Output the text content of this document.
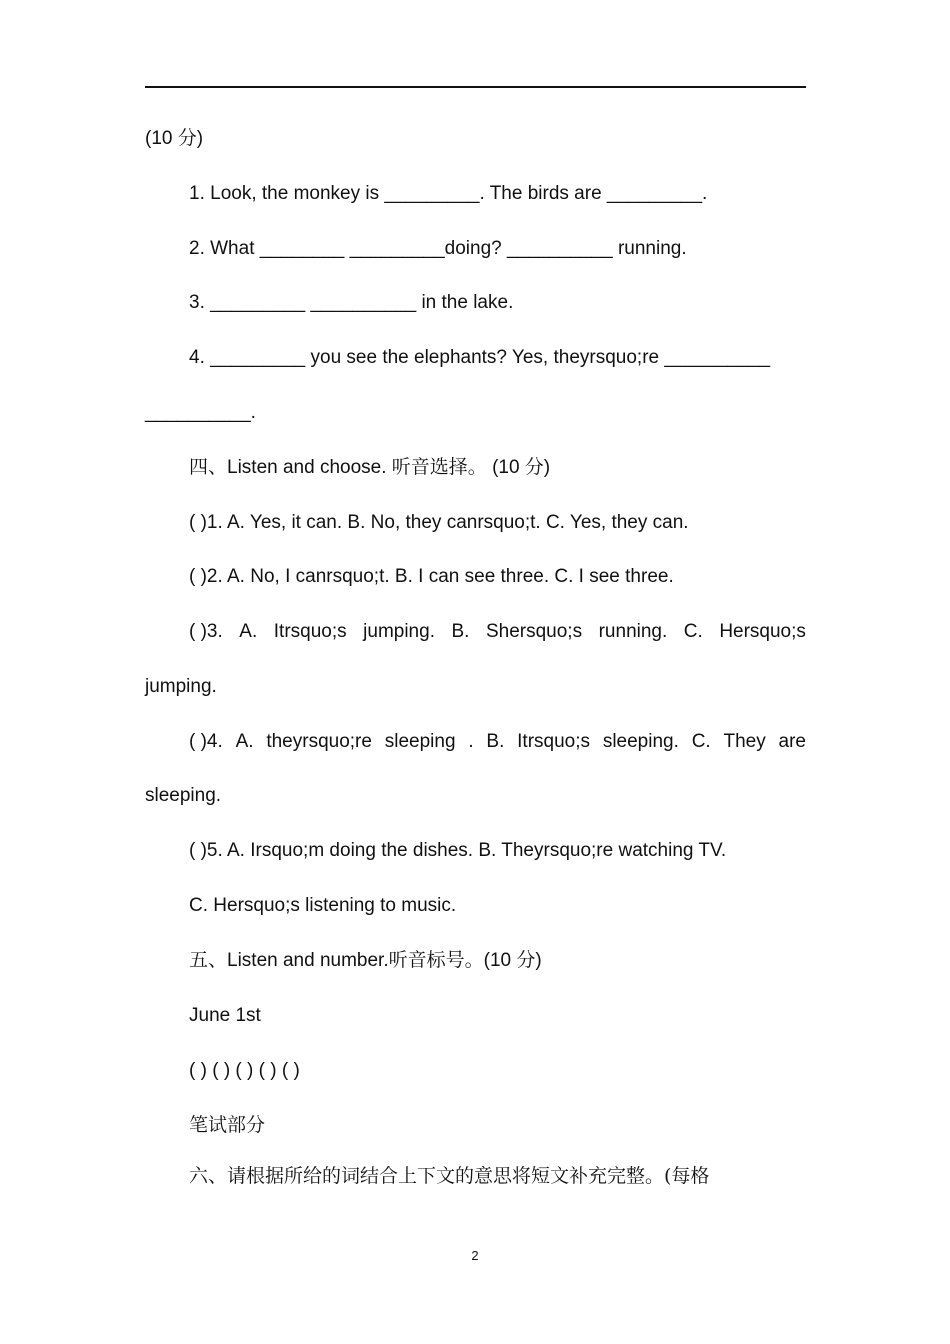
(10 分)
1. Look, the monkey is _________. The birds are _________.
2. What ________ _________doing? __________ running.
3. _________ __________ in the lake.
4. _________ you see the elephants? Yes, theyrsquo;re __________
__________.
四、Listen and choose. 听音选择。 (10 分)
( )1. A. Yes, it can. B. No, they canrsquo;t. C. Yes, they can.
( )2. A. No, I canrsquo;t. B. I can see three. C. I see three.
( )3. A. Itrsquo;s jumping. B. Shersquo;s running. C. Hersquo;s
jumping.
( )4. A. theyrsquo;re sleeping . B. Itrsquo;s sleeping. C. They are
sleeping.
( )5. A. Irsquo;m doing the dishes. B. Theyrsquo;re watching TV.
C. Hersquo;s listening to music.
五、Listen and number.听音标号。(10 分)
June 1st
( ) ( ) ( ) ( ) ( )
笔试部分
六、请根据所给的词结合上下文的意思将短文补充完整。(每格
2
